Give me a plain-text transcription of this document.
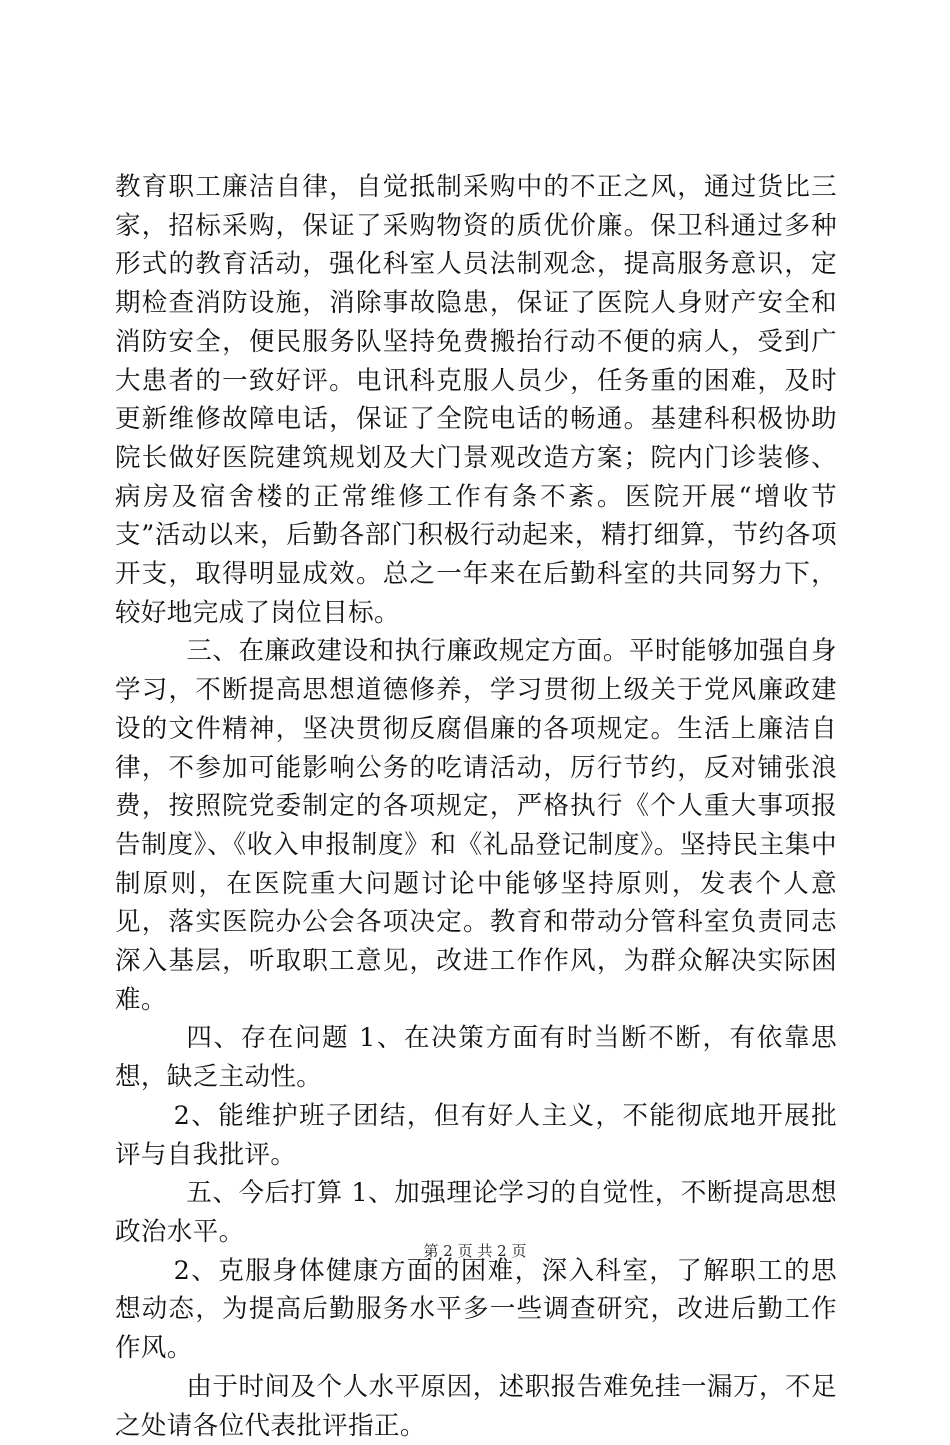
教育职工廉洁自律，自觉抵制采购中的不正之风，通过货比三家，招标采购，保证了采购物资的质优价廉。保卫科通过多种形式的教育活动，强化科室人员法制观念，提高服务意识，定期检查消防设施，消除事故隐患，保证了医院人身财产安全和消防安全，便民服务队坚持免费搬抬行动不便的病人，受到广大患者的一致好评。电讯科克服人员少，任务重的困难，及时更新维修故障电话，保证了全院电话的畅通。基建科积极协助院长做好医院建筑规划及大门景观改造方案；院内门诊装修、病房及宿舍楼的正常维修工作有条不紊。医院开展“增收节支”活动以来，后勤各部门积极行动起来，精打细算，节约各项开支，取得明显成效。总之一年来在后勤科室的共同努力下，较好地完成了岗位目标。

三、在廉政建设和执行廉政规定方面。平时能够加强自身学习，不断提高思想道德修养，学习贯彻上级关于党风廉政建设的文件精神，坚决贯彻反腐倡廉的各项规定。生活上廉洁自律，不参加可能影响公务的吃请活动，厉行节约，反对铺张浪费，按照院党委制定的各项规定，严格执行《个人重大事项报告制度》、《收入申报制度》和《礼品登记制度》。坚持民主集中制原则，在医院重大问题讨论中能够坚持原则，发表个人意见，落实医院办公会各项决定。教育和带动分管科室负责同志深入基层，听取职工意见，改进工作作风，为群众解决实际困难。

四、存在问题 1、在决策方面有时当断不断，有依靠思想，缺乏主动性。

2、能维护班子团结，但有好人主义，不能彻底地开展批评与自我批评。

五、今后打算 1、加强理论学习的自觉性，不断提高思想政治水平。

2、克服身体健康方面的困难，深入科室，了解职工的思想动态，为提高后勤服务水平多一些调查研究，改进后勤工作作风。

由于时间及个人水平原因，述职报告难免挂一漏万，不足之处请各位代表批评指正。

第 2 页 共 2 页
